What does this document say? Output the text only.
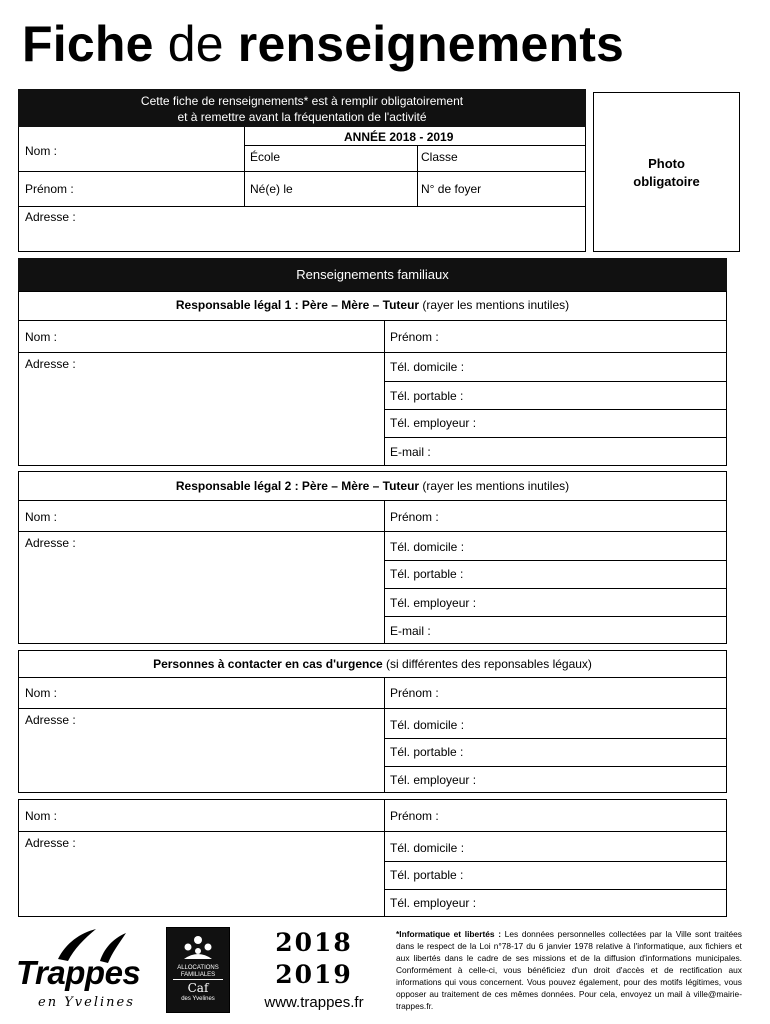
Fiche de renseignements
Cette fiche de renseignements* est à remplir obligatoirement
et à remettre avant la fréquentation de l'activité
ANNÉE 2018 - 2019
Nom :	École	Classe
Prénom :	Né(e) le	N° de foyer
Adresse :
Photo
obligatoire
Renseignements familiaux
Responsable légal 1 : Père – Mère – Tuteur (rayer les mentions inutiles)
Nom :	Prénom :
Adresse :	Tél. domicile :
Tél. portable :
Tél. employeur :
E-mail :
Responsable légal 2 : Père – Mère – Tuteur (rayer les mentions inutiles)
Nom :	Prénom :
Adresse :	Tél. domicile :
Tél. portable :
Tél. employeur :
E-mail :
Personnes à contacter en cas d'urgence (si différentes des reponsables légaux)
Nom :	Prénom :
Adresse :	Tél. domicile :
Tél. portable :
Tél. employeur :
Nom :	Prénom :
Adresse :	Tél. domicile :
Tél. portable :
Tél. employeur :
Trappes
en Yvelines
ALLOCATIONS
FAMILIALES
Caf
des Yvelines
2018
2019
www.trappes.fr
*Informatique et libertés : Les données personnelles collectées par la Ville sont traitées dans le respect de la Loi n°78-17 du 6 janvier 1978 relative à l'informatique, aux fichiers et aux libertés dans le cadre de ses missions et de la diffusion d'informations municipales. Conformément à celle-ci, vous bénéficiez d'un droit d'accès et de rectification aux informations qui vous concernent. Vous pouvez également, pour des motifs légitimes, vous opposer au traitement de ces mêmes données. Pour cela, envoyez un mail à ville@mairie-trappes.fr.
